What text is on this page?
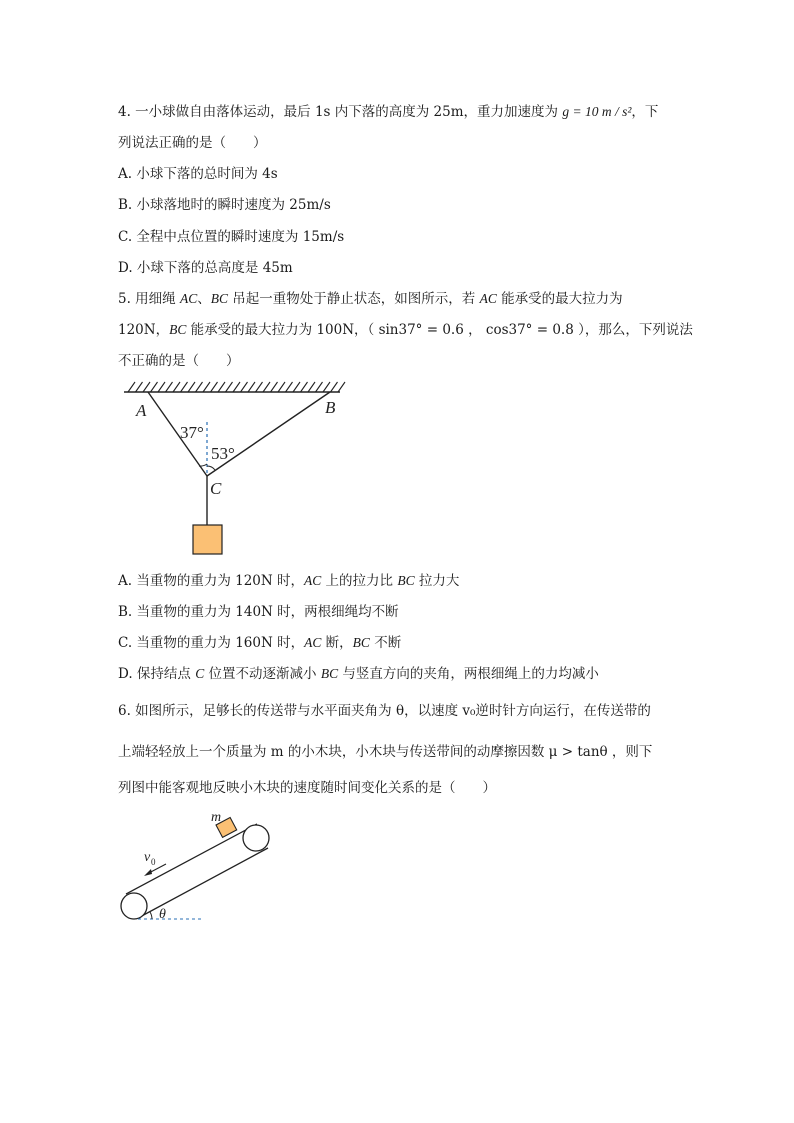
4. 一小球做自由落体运动，最后 1s 内下落的高度为 25m，重力加速度为 g = 10 m / s²，下
列说法正确的是（　　）
A. 小球下落的总时间为 4s
B. 小球落地时的瞬时速度为 25m/s
C. 全程中点位置的瞬时速度为 15m/s
D. 小球下落的总高度是 45m
5. 用细绳 AC、BC 吊起一重物处于静止状态，如图所示，若 AC 能承受的最大拉力为
120N，BC 能承受的最大拉力为 100N，（ sin37° = 0.6 ， cos37° = 0.8 ），那么，下列说法
不正确的是（　　）
A	B
C
37°
53°
A. 当重物的重力为 120N 时，AC 上的拉力比 BC 拉力大
B. 当重物的重力为 140N 时，两根细绳均不断
C. 当重物的重力为 160N 时，AC 断，BC 不断
D. 保持结点 C 位置不动逐渐减小 BC 与竖直方向的夹角，两根细绳上的力均减小
6. 如图所示，足够长的传送带与水平面夹角为 θ，以速度 v₀逆时针方向运行，在传送带的
上端轻轻放上一个质量为 m 的小木块，小木块与传送带间的动摩擦因数 μ > tanθ ，则下
列图中能客观地反映小木块的速度随时间变化关系的是（　　）
m
v 0
θ
